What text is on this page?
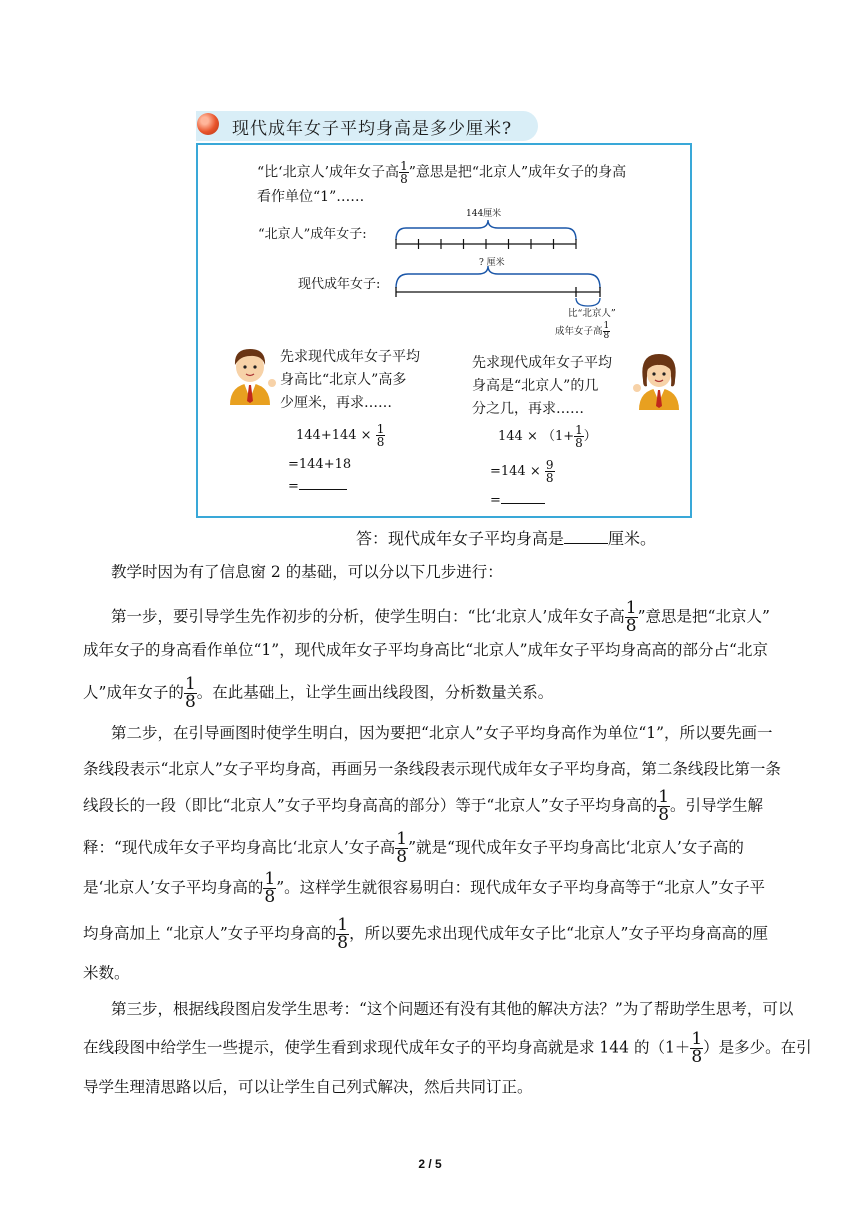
现代成年女子平均身高是多少厘米?
“比‘北京人’成年女子高 $\frac{1}{8}$ ”意思是把“北京人”成年女子的身高
看作单位“1”……
144厘米
“北京人”成年女子:
? 厘米
现代成年女子:
比“北京人”
成年女子高 $\frac{1}{8}$
先求现代成年女子平均
身高比“北京人”高多
少厘米，再求……
先求现代成年女子平均
身高是“北京人”的几
分之几，再求……
$144+144 \times \frac{1}{8}$
=144+18
=
$144 \times (1+ \frac{1}{8}$ ）
$=144 \times \frac{9}{8}$
=
答：现代成年女子平均身高是	厘米。
教学时因为有了信息窗 2 的基础，可以分以下几步进行：
第一步，要引导学生先作初步的分析，使学生明白：“比‘北京人’成年女子高 $\frac{1}{8}$ ”意思是把“北京人”
成年女子的身高看作单位“1”，现代成年女子平均身高比“北京人”成年女子平均身高高的部分占“北京
人”成年女子的 $\frac{1}{8}$ 。在此基础上，让学生画出线段图，分析数量关系。
第二步，在引导画图时使学生明白，因为要把“北京人”女子平均身高作为单位“1”，所以要先画一
条线段表示“北京人”女子平均身高，再画另一条线段表示现代成年女子平均身高，第二条线段比第一条
线段长的一段（即比“北京人”女子平均身高高的部分）等于“北京人”女子平均身高的 $\frac{1}{8}$ 。引导学生解
释：“现代成年女子平均身高比‘北京人’女子高 $\frac{1}{8}$ ”就是“现代成年女子平均身高比‘北京人’女子高的
是‘北京人’女子平均身高的 $\frac{1}{8}$ ”。这样学生就很容易明白：现代成年女子平均身高等于“北京人”女子平
均身高加上 “北京人”女子平均身高的 $\frac{1}{8}$ ，所以要先求出现代成年女子比“北京人”女子平均身高高的厘
米数。
第三步，根据线段图启发学生思考：“这个问题还有没有其他的解决方法？”为了帮助学生思考，可以
在线段图中给学生一些提示，使学生看到求现代成年女子的平均身高就是求 144 的（$1+ \frac{1}{8}$ ）是多少。在引
导学生理清思路以后，可以让学生自己列式解决，然后共同订正。
2 / 5
